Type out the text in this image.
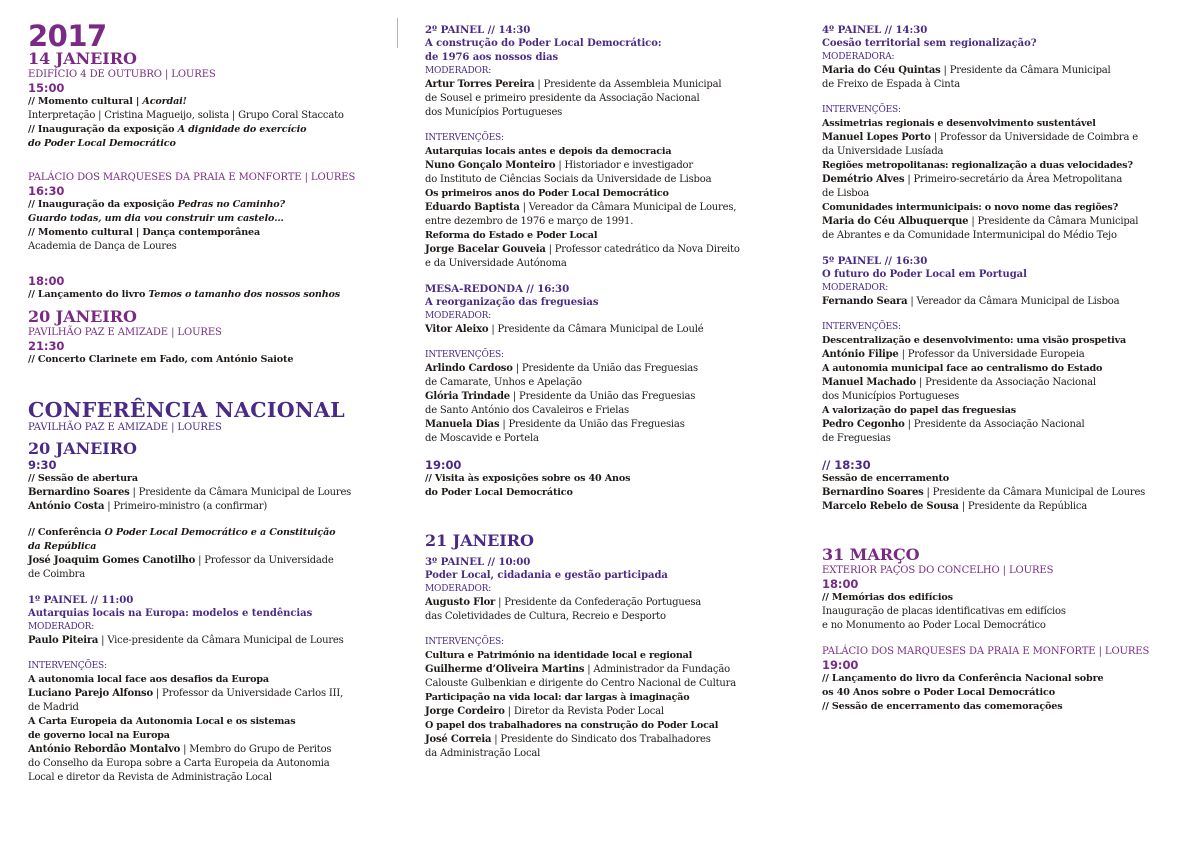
2017
14 JANEIRO
EDIFÍCIO 4 DE OUTUBRO | LOURES
15:00
// Momento cultural | Acordai!
Interpretação | Cristina Magueijo, solista | Grupo Coral Staccato
// Inauguração da exposição A dignidade do exercício
do Poder Local Democrático
PALÁCIO DOS MARQUESES DA PRAIA E MONFORTE | LOURES
16:30
// Inauguração da exposição Pedras no Caminho?
Guardo todas, um dia vou construir um castelo…
// Momento cultural | Dança contemporânea
Academia de Dança de Loures
18:00
// Lançamento do livro Temos o tamanho dos nossos sonhos
20 JANEIRO
PAVILHÃO PAZ E AMIZADE | LOURES
21:30
// Concerto Clarinete em Fado, com António Saiote
CONFERÊNCIA NACIONAL
PAVILHÃO PAZ E AMIZADE | LOURES
20 JANEIRO
9:30
// Sessão de abertura
Bernardino Soares | Presidente da Câmara Municipal de Loures
António Costa | Primeiro-ministro (a confirmar)
// Conferência O Poder Local Democrático e a Constituição
da República
José Joaquim Gomes Canotilho | Professor da Universidade
de Coimbra
1º PAINEL // 11:00
Autarquias locais na Europa: modelos e tendências
MODERADOR:
Paulo Piteira | Vice-presidente da Câmara Municipal de Loures
INTERVENÇÕES:
A autonomia local face aos desafios da Europa
Luciano Parejo Alfonso | Professor da Universidade Carlos III,
de Madrid
A Carta Europeia da Autonomia Local e os sistemas
de governo local na Europa
António Rebordão Montalvo | Membro do Grupo de Peritos
do Conselho da Europa sobre a Carta Europeia da Autonomia
Local e diretor da Revista de Administração Local
2º PAINEL // 14:30
A construção do Poder Local Democrático:
de 1976 aos nossos dias
MODERADOR:
Artur Torres Pereira | Presidente da Assembleia Municipal
de Sousel e primeiro presidente da Associação Nacional
dos Municípios Portugueses
INTERVENÇÕES:
Autarquias locais antes e depois da democracia
Nuno Gonçalo Monteiro | Historiador e investigador
do Instituto de Ciências Sociais da Universidade de Lisboa
Os primeiros anos do Poder Local Democrático
Eduardo Baptista | Vereador da Câmara Municipal de Loures,
entre dezembro de 1976 e março de 1991.
Reforma do Estado e Poder Local
Jorge Bacelar Gouveia | Professor catedrático da Nova Direito
e da Universidade Autónoma
MESA-REDONDA // 16:30
A reorganização das freguesias
MODERADOR:
Vitor Aleixo | Presidente da Câmara Municipal de Loulé
INTERVENÇÕES:
Arlindo Cardoso | Presidente da União das Freguesias
de Camarate, Unhos e Apelação
Glória Trindade | Presidente da União das Freguesias
de Santo António dos Cavaleiros e Frielas
Manuela Dias | Presidente da União das Freguesias
de Moscavide e Portela
19:00
// Visita às exposições sobre os 40 Anos
do Poder Local Democrático
21 JANEIRO
3º PAINEL // 10:00
Poder Local, cidadania e gestão participada
MODERADOR:
Augusto Flor | Presidente da Confederação Portuguesa
das Coletividades de Cultura, Recreio e Desporto
INTERVENÇÕES:
Cultura e Património na identidade local e regional
Guilherme d’Oliveira Martins | Administrador da Fundação
Calouste Gulbenkian e dirigente do Centro Nacional de Cultura
Participação na vida local: dar largas à imaginação
Jorge Cordeiro | Diretor da Revista Poder Local
O papel dos trabalhadores na construção do Poder Local
José Correia | Presidente do Sindicato dos Trabalhadores
da Administração Local
4º PAINEL // 14:30
Coesão territorial sem regionalização?
MODERADORA:
Maria do Céu Quintas | Presidente da Câmara Municipal
de Freixo de Espada à Cinta
INTERVENÇÕES:
Assimetrias regionais e desenvolvimento sustentável
Manuel Lopes Porto | Professor da Universidade de Coimbra e
da Universidade Lusíada
Regiões metropolitanas: regionalização a duas velocidades?
Demétrio Alves | Primeiro-secretário da Área Metropolitana
de Lisboa
Comunidades intermunicipais: o novo nome das regiões?
Maria do Céu Albuquerque | Presidente da Câmara Municipal
de Abrantes e da Comunidade Intermunicipal do Médio Tejo
5º PAINEL // 16:30
O futuro do Poder Local em Portugal
MODERADOR:
Fernando Seara | Vereador da Câmara Municipal de Lisboa
INTERVENÇÕES:
Descentralização e desenvolvimento: uma visão prospetiva
António Filipe | Professor da Universidade Europeia
A autonomia municipal face ao centralismo do Estado
Manuel Machado | Presidente da Associação Nacional
dos Municípios Portugueses
A valorização do papel das freguesias
Pedro Cegonho | Presidente da Associação Nacional
de Freguesias
// 18:30
Sessão de encerramento
Bernardino Soares | Presidente da Câmara Municipal de Loures
Marcelo Rebelo de Sousa | Presidente da República
31 MARÇO
EXTERIOR PAÇOS DO CONCELHO | LOURES
18:00
// Memórias dos edifícios
Inauguração de placas identificativas em edifícios
e no Monumento ao Poder Local Democrático
PALÁCIO DOS MARQUESES DA PRAIA E MONFORTE | LOURES
19:00
// Lançamento do livro da Conferência Nacional sobre
os 40 Anos sobre o Poder Local Democrático
// Sessão de encerramento das comemorações
